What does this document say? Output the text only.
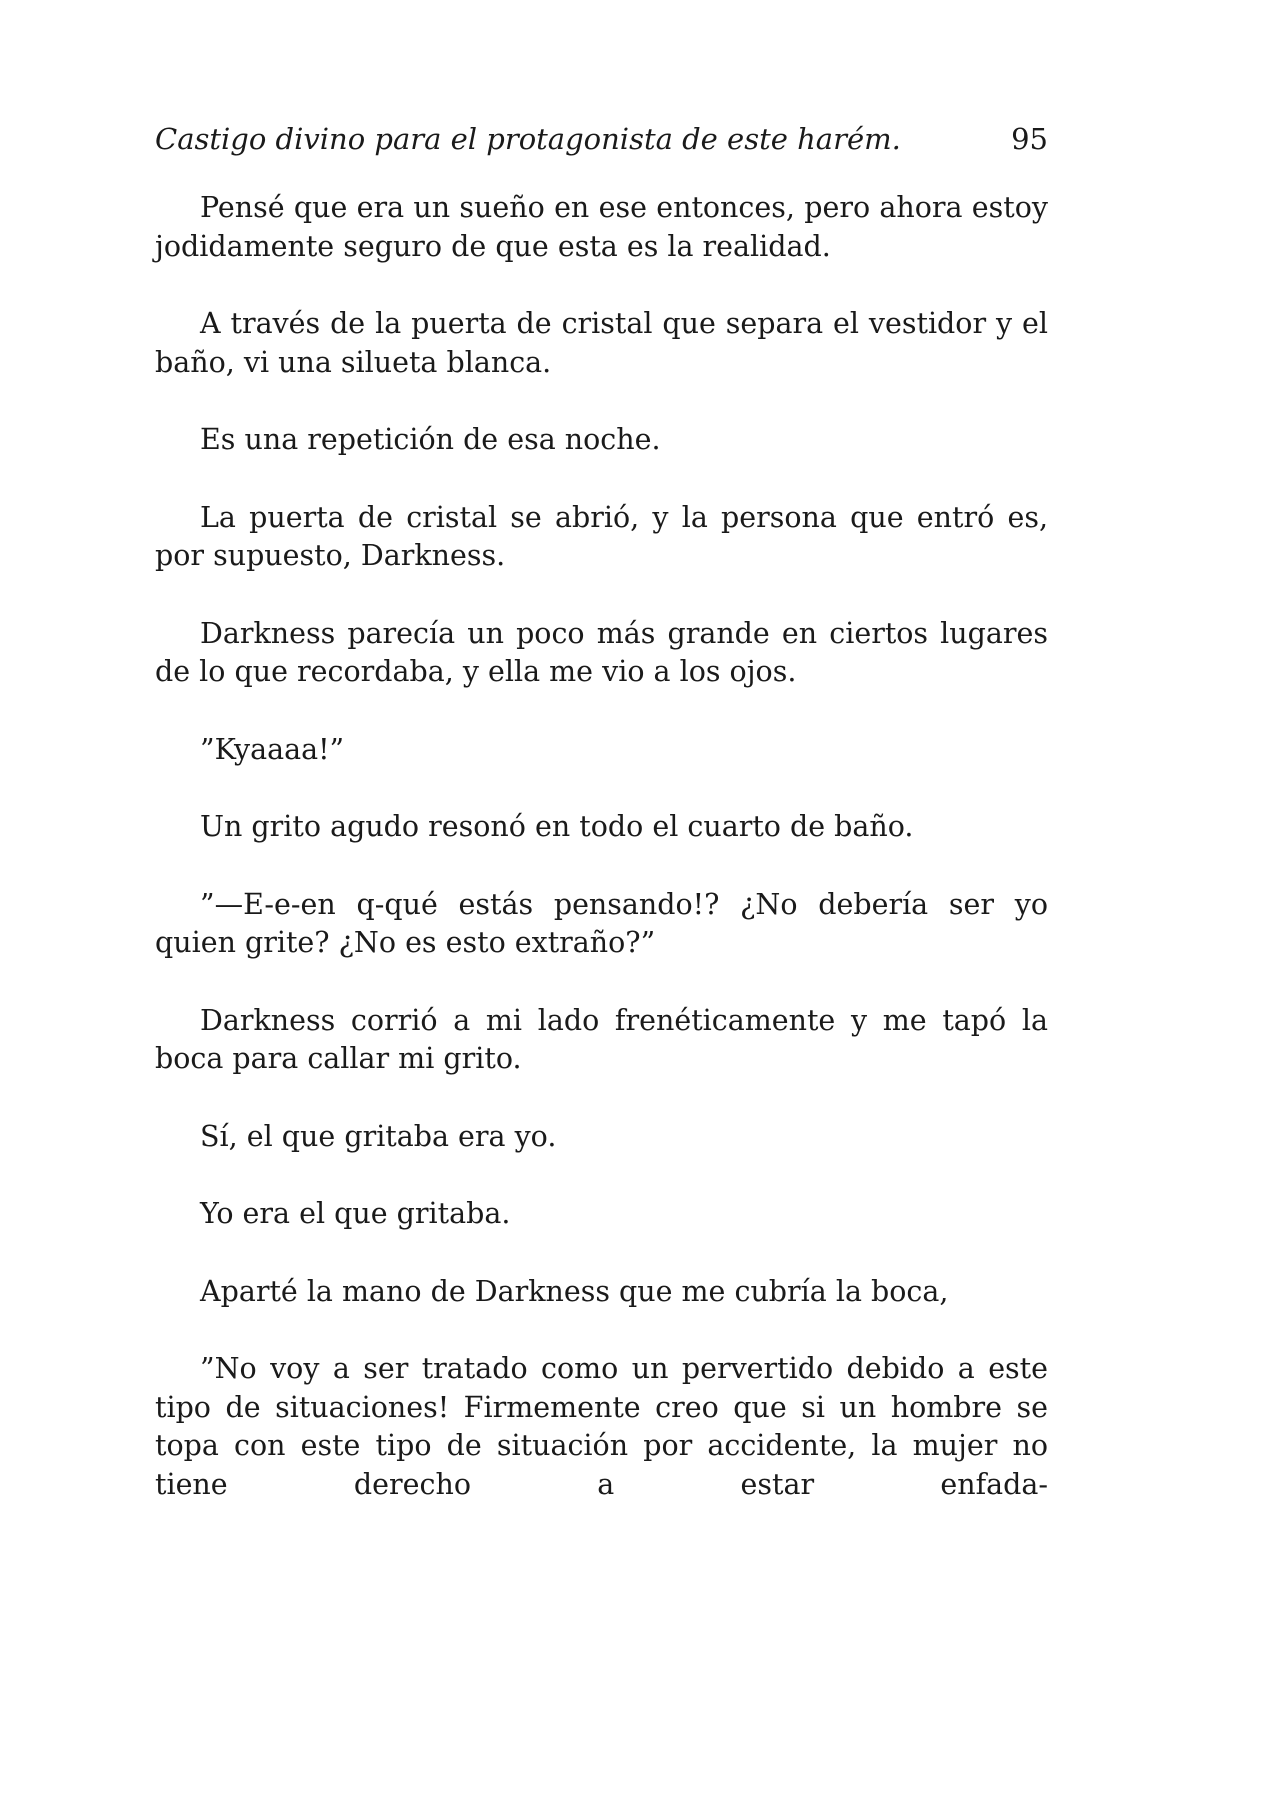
Castigo divino para el protagonista de este harém.	95

Pensé que era un sueño en ese entonces, pero ahora estoy jodidamente seguro de que esta es la realidad.

A través de la puerta de cristal que separa el vestidor y el baño, vi una silueta blanca.

Es una repetición de esa noche.

La puerta de cristal se abrió, y la persona que entró es, por supuesto, Darkness.

Darkness parecía un poco más grande en ciertos lugares de lo que recordaba, y ella me vio a los ojos.

”Kyaaaa!”

Un grito agudo resonó en todo el cuarto de baño.

”—E-e-en q-qué estás pensando!? ¿No debería ser yo quien grite? ¿No es esto extraño?”

Darkness corrió a mi lado frenéticamente y me tapó la boca para callar mi grito.

Sí, el que gritaba era yo.

Yo era el que gritaba.

Aparté la mano de Darkness que me cubría la boca,

”No voy a ser tratado como un pervertido debido a este tipo de situaciones! Firmemente creo que si un hombre se topa con este tipo de situación por accidente, la mujer no tiene derecho a estar enfada-
